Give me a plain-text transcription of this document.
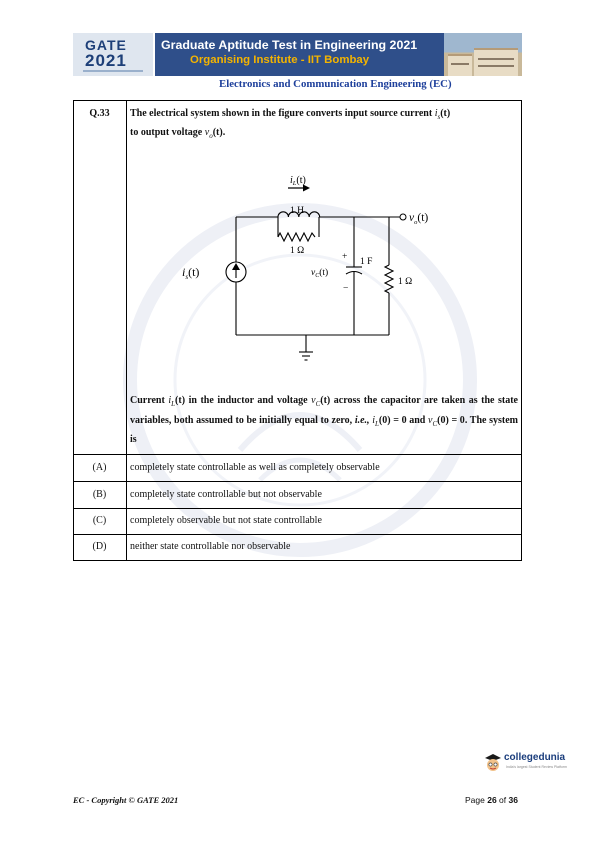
GATE
2021
Graduate Aptitude Test in Engineering 2021
Organising Institute - IIT Bombay
Electronics and Communication Engineering (EC)
Q.33	The electrical system shown in the figure converts input source current $i_s(t)$
to output voltage $v_o(t)$.
Current $i_L(t)$ in the inductor and voltage $v_C(t)$ across the capacitor are taken as the state variables, both assumed to be initially equal to zero, i.e., $i_L(0) = 0$ and $v_C(0) = 0$. The system is
(A)	completely state controllable as well as completely observable
(B)	completely state controllable but not observable
(C)	completely observable but not state controllable
(D)	neither state controllable nor observable
$i_L(t)$
1 H
1 Ω
$i_s(t)$
+ 1 F
$v_C(t)$
−
1 Ω
$v_o(t)$
collegedunia
India's largest Student Review Platform
EC - Copyright © GATE 2021	Page 26 of 36
